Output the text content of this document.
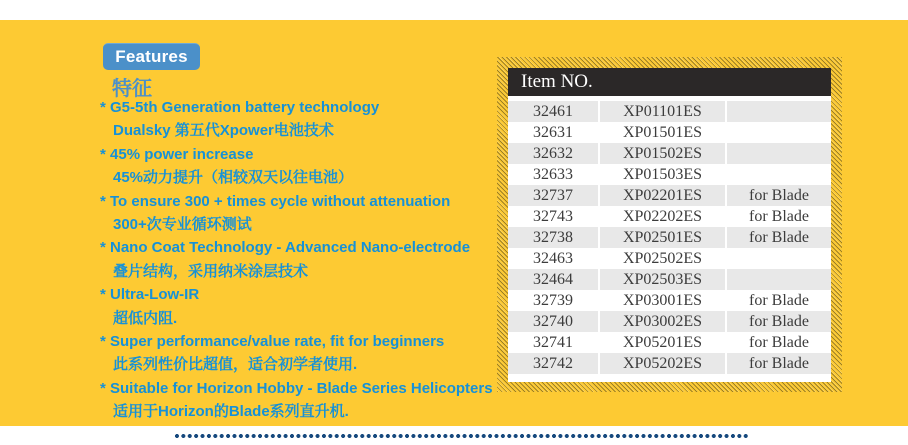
Features
特征
* G5-5th Generation battery technology
Dualsky 第五代Xpower电池技术
* 45% power increase
45%动力提升（相较双天以往电池）
* To ensure 300 + times cycle without attenuation
300+次专业循环测试
* Nano Coat Technology - Advanced Nano-electrode
叠片结构，采用纳米涂层技术
* Ultra-Low-IR
超低内阻.
* Super performance/value rate, fit for beginners
此系列性价比超值，适合初学者使用.
* Suitable for Horizon Hobby - Blade Series Helicopters
适用于Horizon的Blade系列直升机.
Item NO.
32461	XP01101ES
32631	XP01501ES
32632	XP01502ES
32633	XP01503ES
32737	XP02201ES	for Blade
32743	XP02202ES	for Blade
32738	XP02501ES	for Blade
32463	XP02502ES
32464	XP02503ES
32739	XP03001ES	for Blade
32740	XP03002ES	for Blade
32741	XP05201ES	for Blade
32742	XP05202ES	for Blade
